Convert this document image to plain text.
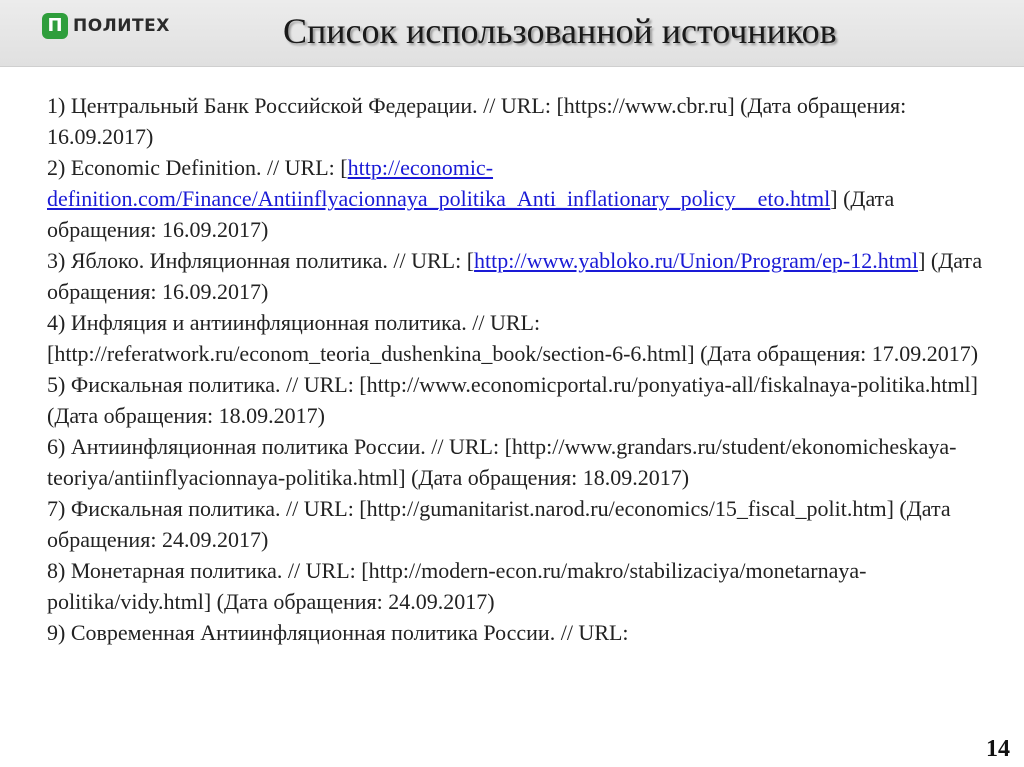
П ПОЛИТЕХ	Список использованной источников

1) Центральный Банк Российской Федерации. // URL: [https://www.cbr.ru] (Дата обращения: 16.09.2017)

2) Economic Definition. // URL: [http://economic-definition.com/Finance/Antiinflyacionnaya_politika_Anti_inflationary_policy__eto.html] (Дата обращения: 16.09.2017)

3) Яблоко. Инфляционная политика. // URL: [http://www.yabloko.ru/Union/Program/ep-12.html] (Дата обращения: 16.09.2017)

4) Инфляция и антиинфляционная политика. // URL: [http://referatwork.ru/econom_teoria_dushenkina_book/section-6-6.html] (Дата обращения: 17.09.2017)

5) Фискальная политика. // URL: [http://www.economicportal.ru/ponyatiya-all/fiskalnaya-politika.html] (Дата обращения: 18.09.2017)

6) Антиинфляционная политика России. // URL: [http://www.grandars.ru/student/ekonomicheskaya-teoriya/antiinflyacionnaya-politika.html] (Дата обращения: 18.09.2017)

7) Фискальная политика. // URL: [http://gumanitarist.narod.ru/economics/15_fiscal_polit.htm] (Дата обращения: 24.09.2017)

8) Монетарная политика. // URL: [http://modern-econ.ru/makro/stabilizaciya/monetarnaya-politika/vidy.html] (Дата обращения: 24.09.2017)

9) Современная Антиинфляционная политика России. // URL:

14
